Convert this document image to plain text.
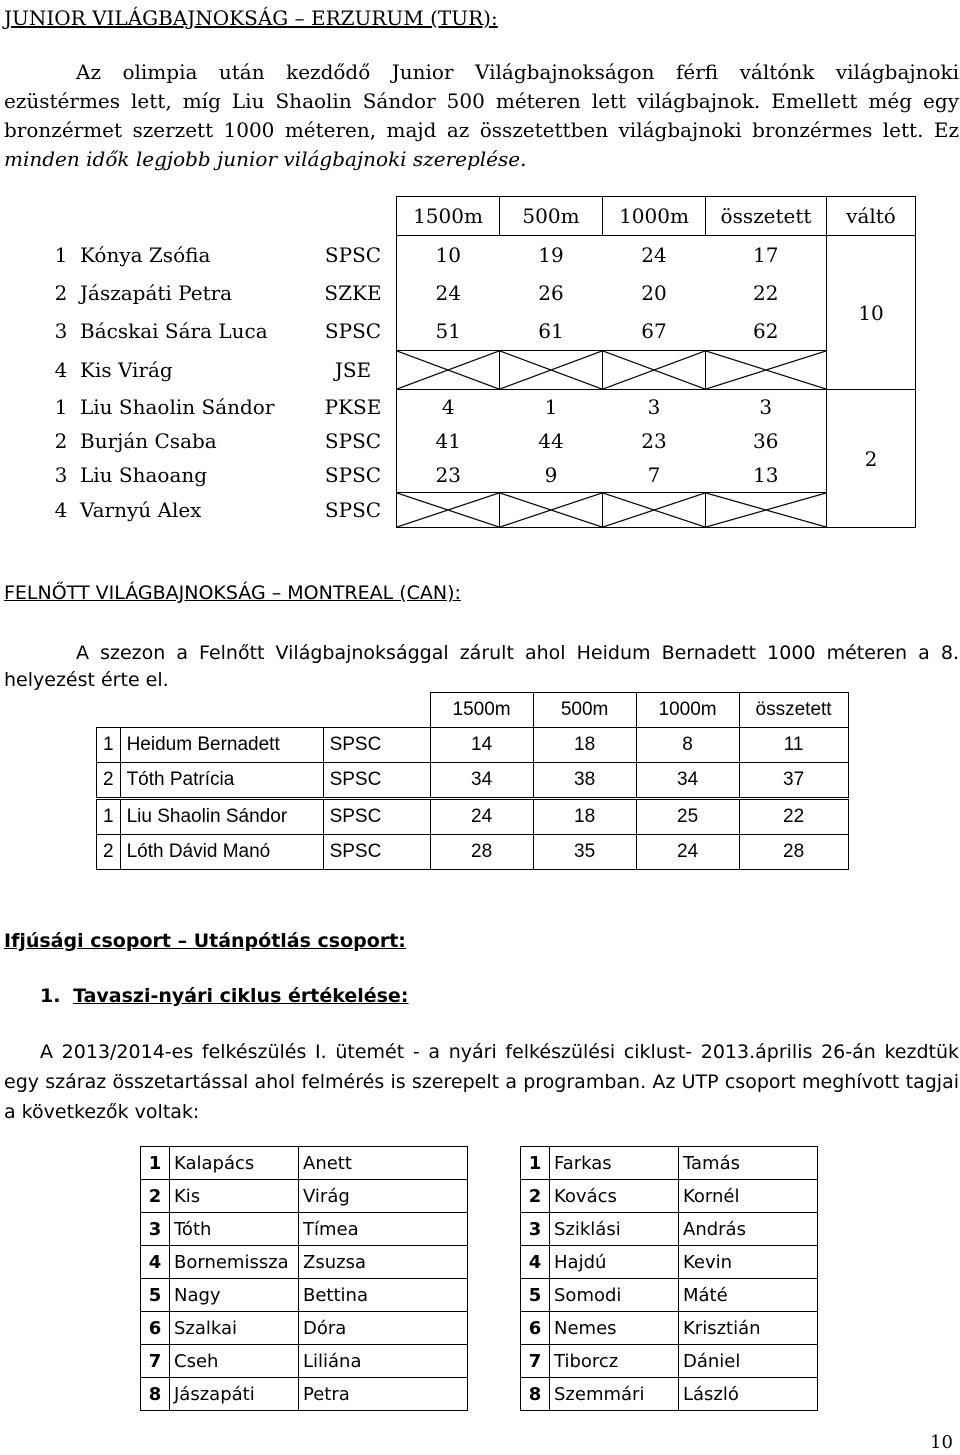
JUNIOR VILÁGBAJNOKSÁG – ERZURUM (TUR):
Az olimpia után kezdődő Junior Világbajnokságon férfi váltónk világbajnoki ezüstérmes lett, míg Liu Shaolin Sándor 500 méteren lett világbajnok. Emellett még egy bronzérmet szerzett 1000 méteren, majd az összetettben világbajnoki bronzérmes lett. Ez minden idők legjobb junior világbajnoki szereplése.
			1500m	500m	1000m	összetett	váltó
1	Kónya Zsófia	SPSC	10	19	24	17	10
2	Jászapáti Petra	SZKE	24	26	20	22	
3	Bácskai Sára Luca	SPSC	51	61	67	62	
4	Kis Virág	JSE	

1	Liu Shaolin Sándor	PKSE	4	1	3	3	2
2	Burján Csaba	SPSC	41	44	23	36	
3	Liu Shaoang	SPSC	23	9	7	13	
4	Varnyú Alex	SPSC	

FELNŐTT VILÁGBAJNOKSÁG – MONTREAL (CAN):
A szezon a Felnőtt Világbajnoksággal zárult ahol Heidum Bernadett 1000 méteren a 8. helyezést érte el.
			1500m	500m	1000m	összetett
1	Heidum Bernadett	SPSC	14	18	8	11
2	Tóth Patrícia	SPSC	34	38	34	37
1	Liu Shaolin Sándor	SPSC	24	18	25	22
2	Lóth Dávid Manó	SPSC	28	35	24	28
Ifjúsági csoport – Utánpótlás csoport:
1. Tavaszi-nyári ciklus értékelése:
A 2013/2014-es felkészülés I. ütemét - a nyári felkészülési ciklust- 2013.április 26-án kezdtük egy száraz összetartással ahol felmérés is szerepelt a programban. Az UTP csoport meghívott tagjai a következők voltak:
1	Kalapács	Anett
2	Kis	Virág
3	Tóth	Tímea
4	Bornemissza	Zsuzsa
5	Nagy	Bettina
6	Szalkai	Dóra
7	Cseh	Liliána
8	Jászapáti	Petra
1	Farkas	Tamás
2	Kovács	Kornél
3	Sziklási	András
4	Hajdú	Kevin
5	Somodi	Máté
6	Nemes	Krisztián
7	Tiborcz	Dániel
8	Szemmári	László
10
